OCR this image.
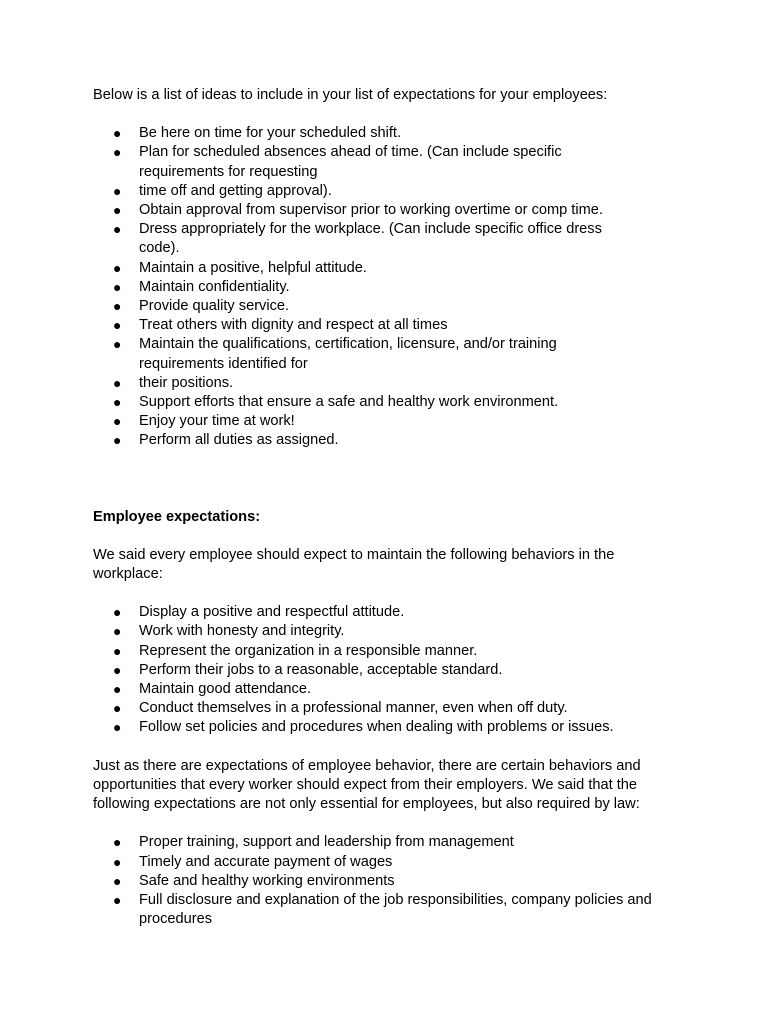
Below is a list of ideas to include in your list of expectations for your employees:

● Be here on time for your scheduled shift.
● Plan for scheduled absences ahead of time. (Can include specific requirements for requesting
● time off and getting approval).
● Obtain approval from supervisor prior to working overtime or comp time.
● Dress appropriately for the workplace. (Can include specific office dress code).
● Maintain a positive, helpful attitude.
● Maintain confidentiality.
● Provide quality service.
● Treat others with dignity and respect at all times
● Maintain the qualifications, certification, licensure, and/or training requirements identified for
● their positions.
● Support efforts that ensure a safe and healthy work environment.
● Enjoy your time at work!
● Perform all duties as assigned.

Employee expectations:

We said every employee should expect to maintain the following behaviors in the workplace:

● Display a positive and respectful attitude.
● Work with honesty and integrity.
● Represent the organization in a responsible manner.
● Perform their jobs to a reasonable, acceptable standard.
● Maintain good attendance.
● Conduct themselves in a professional manner, even when off duty.
● Follow set policies and procedures when dealing with problems or issues.

Just as there are expectations of employee behavior, there are certain behaviors and opportunities that every worker should expect from their employers. We said that the following expectations are not only essential for employees, but also required by law:

● Proper training, support and leadership from management
● Timely and accurate payment of wages
● Safe and healthy working environments
● Full disclosure and explanation of the job responsibilities, company policies and procedures
